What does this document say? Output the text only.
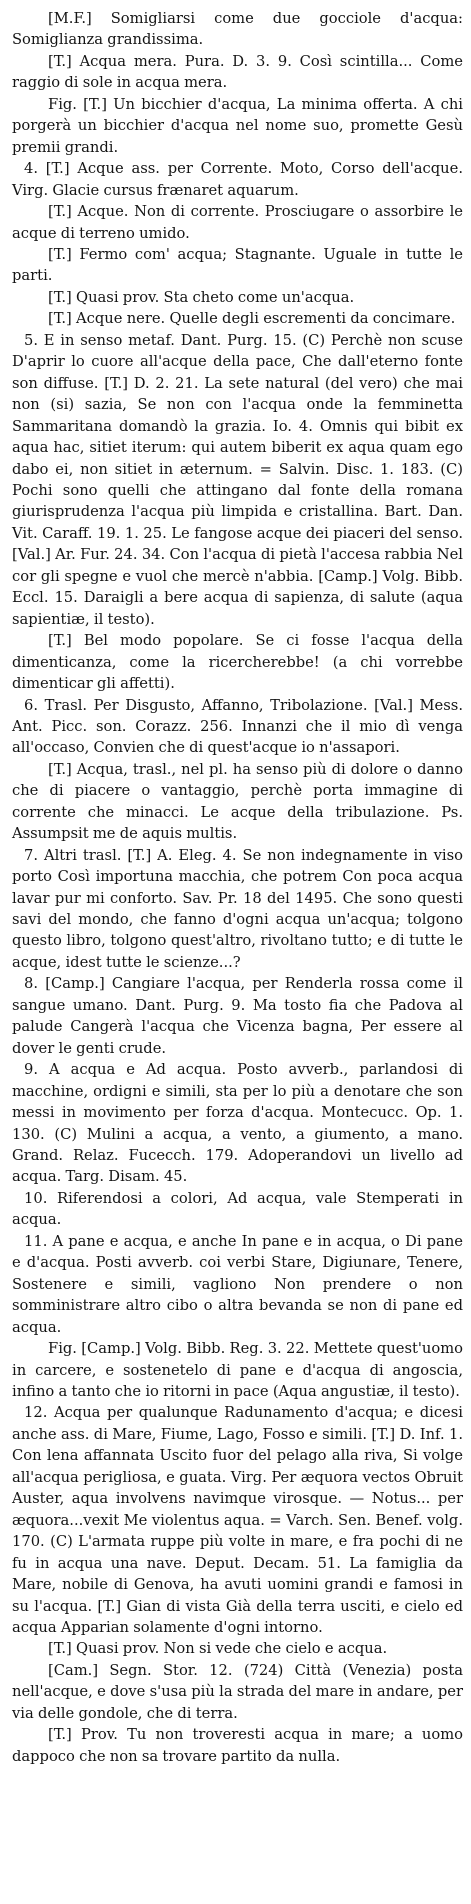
[M.F.] Somigliarsi come due gocciole d'acqua: Somiglianza grandissima.

[T.] Acqua mera. Pura. D. 3. 9. Così scintilla... Come raggio di sole in acqua mera.

Fig. [T.] Un bicchier d'acqua, La minima offerta. A chi porgerà un bicchier d'acqua nel nome suo, promette Gesù premii grandi.

4. [T.] Acque ass. per Corrente. Moto, Corso dell'acque. Virg. Glacie cursus frænaret aquarum.

[T.] Acque. Non di corrente. Prosciugare o assorbire le acque di terreno umido.

[T.] Fermo com' acqua; Stagnante. Uguale in tutte le parti.

[T.] Quasi prov. Sta cheto come un'acqua.

[T.] Acque nere. Quelle degli escrementi da concimare.

5. E in senso metaf. Dant. Purg. 15. (C) Perchè non scuse D'aprir lo cuore all'acque della pace, Che dall'eterno fonte son diffuse. [T.] D. 2. 21. La sete natural (del vero) che mai non (si) sazia, Se non con l'acqua onde la femminetta Sammaritana domandò la grazia. Io. 4. Omnis qui bibit ex aqua hac, sitiet iterum: qui autem biberit ex aqua quam ego dabo ei, non sitiet in æternum. = Salvin. Disc. 1. 183. (C) Pochi sono quelli che attingano dal fonte della romana giurisprudenza l'acqua più limpida e cristallina. Bart. Dan. Vit. Caraff. 19. 1. 25. Le fangose acque dei piaceri del senso. [Val.] Ar. Fur. 24. 34. Con l'acqua di pietà l'accesa rabbia Nel cor gli spegne e vuol che mercè n'abbia. [Camp.] Volg. Bibb. Eccl. 15. Daraigli a bere acqua di sapienza, di salute (aqua sapientiæ, il testo).

[T.] Bel modo popolare. Se ci fosse l'acqua della dimenticanza, come la ricercherebbe! (a chi vorrebbe dimenticar gli affetti).

6. Trasl. Per Disgusto, Affanno, Tribolazione. [Val.] Mess. Ant. Picc. son. Corazz. 256. Innanzi che il mio dì venga all'occaso, Convien che di quest'acque io n'assapori.

[T.] Acqua, trasl., nel pl. ha senso più di dolore o danno che di piacere o vantaggio, perchè porta immagine di corrente che minacci. Le acque della tribulazione. Ps. Assumpsit me de aquis multis.

7. Altri trasl. [T.] A. Eleg. 4. Se non indegnamente in viso porto Così importuna macchia, che potrem Con poca acqua lavar pur mi conforto. Sav. Pr. 18 del 1495. Che sono questi savi del mondo, che fanno d'ogni acqua un'acqua; tolgono questo libro, tolgono quest'altro, rivoltano tutto; e di tutte le acque, idest tutte le scienze...?

8. [Camp.] Cangiare l'acqua, per Renderla rossa come il sangue umano. Dant. Purg. 9. Ma tosto fia che Padova al palude Cangerà l'acqua che Vicenza bagna, Per essere al dover le genti crude.

9. A acqua e Ad acqua. Posto avverb., parlandosi di macchine, ordigni e simili, sta per lo più a denotare che son messi in movimento per forza d'acqua. Montecucc. Op. 1. 130. (C) Mulini a acqua, a vento, a giumento, a mano. Grand. Relaz. Fucecch. 179. Adoperandovi un livello ad acqua. Targ. Disam. 45.

10. Riferendosi a colori, Ad acqua, vale Stemperati in acqua.

11. A pane e acqua, e anche In pane e in acqua, o Di pane e d'acqua. Posti avverb. coi verbi Stare, Digiunare, Tenere, Sostenere e simili, vagliono Non prendere o non somministrare altro cibo o altra bevanda se non di pane ed acqua.

Fig. [Camp.] Volg. Bibb. Reg. 3. 22. Mettete quest'uomo in carcere, e sostenetelo di pane e d'acqua di angoscia, infino a tanto che io ritorni in pace (Aqua angustiæ, il testo).

12. Acqua per qualunque Radunamento d'acqua; e dicesi anche ass. di Mare, Fiume, Lago, Fosso e simili. [T.] D. Inf. 1. Con lena affannata Uscito fuor del pelago alla riva, Si volge all'acqua perigliosa, e guata. Virg. Per æquora vectos Obruit Auster, aqua involvens navimque virosque. — Notus... per æquora...vexit Me violentus aqua. = Varch. Sen. Benef. volg. 170. (C) L'armata ruppe più volte in mare, e fra pochi di ne fu in acqua una nave. Deput. Decam. 51. La famiglia da Mare, nobile di Genova, ha avuti uomini grandi e famosi in su l'acqua. [T.] Gian di vista Già della terra usciti, e cielo ed acqua Apparian solamente d'ogni intorno.

[T.] Quasi prov. Non si vede che cielo e acqua.

[Cam.] Segn. Stor. 12. (724) Città (Venezia) posta nell'acque, e dove s'usa più la strada del mare in andare, per via delle gondole, che di terra.

[T.] Prov. Tu non troveresti acqua in mare; a uomo dappoco che non sa trovare partito da nulla.
